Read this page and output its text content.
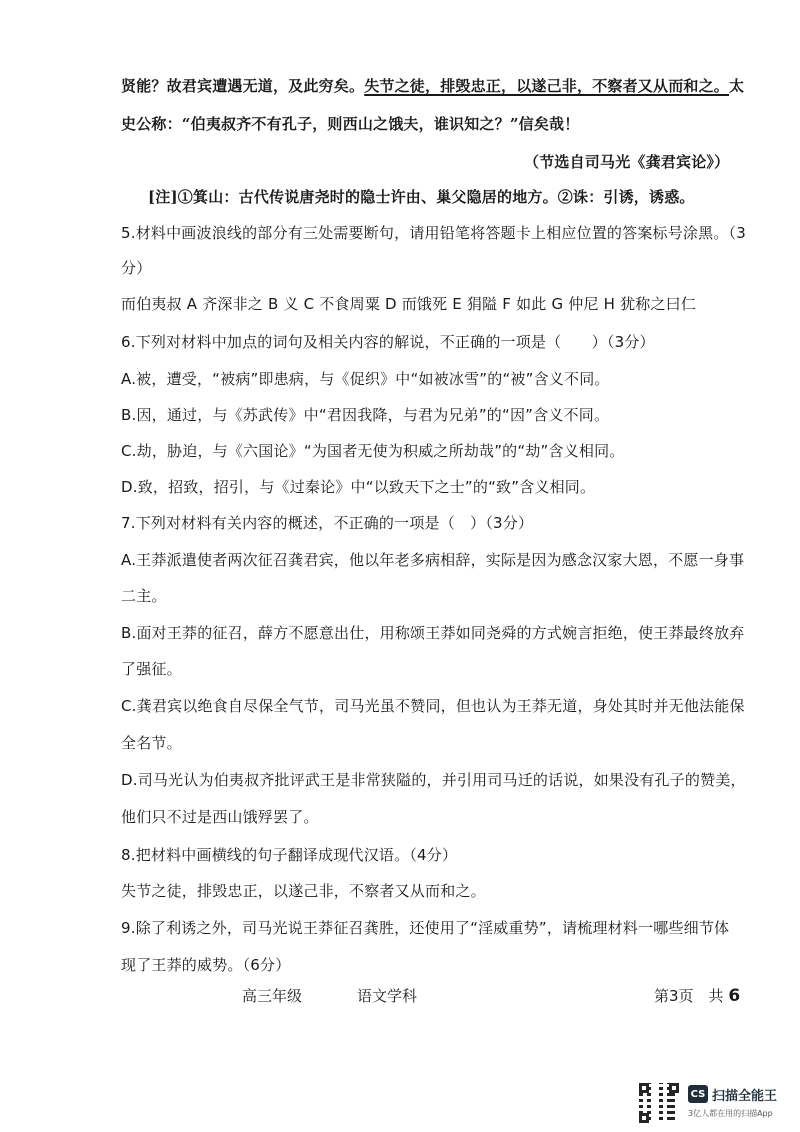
贤能？故君宾遭遇无道，及此穷矣。失节之徒，排毁忠正，以遂己非，不察者又从而和之。太
史公称：“伯夷叔齐不有孔子，则西山之饿夫，谁识知之？”信矣哉！
（节选自司马光《龚君宾论》）
[注]①箕山：古代传说唐尧时的隐士许由、巢父隐居的地方。②诛：引诱，诱惑。
5.材料中画波浪线的部分有三处需要断句，请用铅笔将答题卡上相应位置的答案标号涂黑。（3
分）
而伯夷叔 A 齐深非之 B 义 C 不食周粟 D 而饿死 E 狷隘 F 如此 G 仲尼 H 犹称之曰仁
6.下列对材料中加点的词句及相关内容的解说，不正确的一项是（　　）（3分）
A.被，遭受，“被病”即患病，与《促织》中“如被冰雪”的“被”含义不同。
B.因，通过，与《苏武传》中“君因我降，与君为兄弟”的“因”含义不同。
C.劫，胁迫，与《六国论》“为国者无使为积威之所劫哉”的“劫”含义相同。
D.致，招致，招引，与《过秦论》中“以致天下之士”的“致”含义相同。
7.下列对材料有关内容的概述，不正确的一项是（　）（3分）
A.王莽派遣使者两次征召龚君宾，他以年老多病相辞，实际是因为感念汉家大恩，不愿一身事
二主。
B.面对王莽的征召，薛方不愿意出仕，用称颂王莽如同尧舜的方式婉言拒绝，使王莽最终放弃
了强征。
C.龚君宾以绝食自尽保全气节，司马光虽不赞同，但也认为王莽无道，身处其时并无他法能保
全名节。
D.司马光认为伯夷叔齐批评武王是非常狭隘的，并引用司马迁的话说，如果没有孔子的赞美，
他们只不过是西山饿殍罢了。
8.把材料中画横线的句子翻译成现代汉语。（4分）
失节之徒，排毁忠正，以遂己非，不察者又从而和之。
9.除了利诱之外，司马光说王莽征召龚胜，还使用了“淫威重势”，请梳理材料一哪些细节体
现了王莽的威势。（6分）
高三年级	语文学科	第3页　共 6
CS 扫描全能王
3亿人都在用的扫描App
